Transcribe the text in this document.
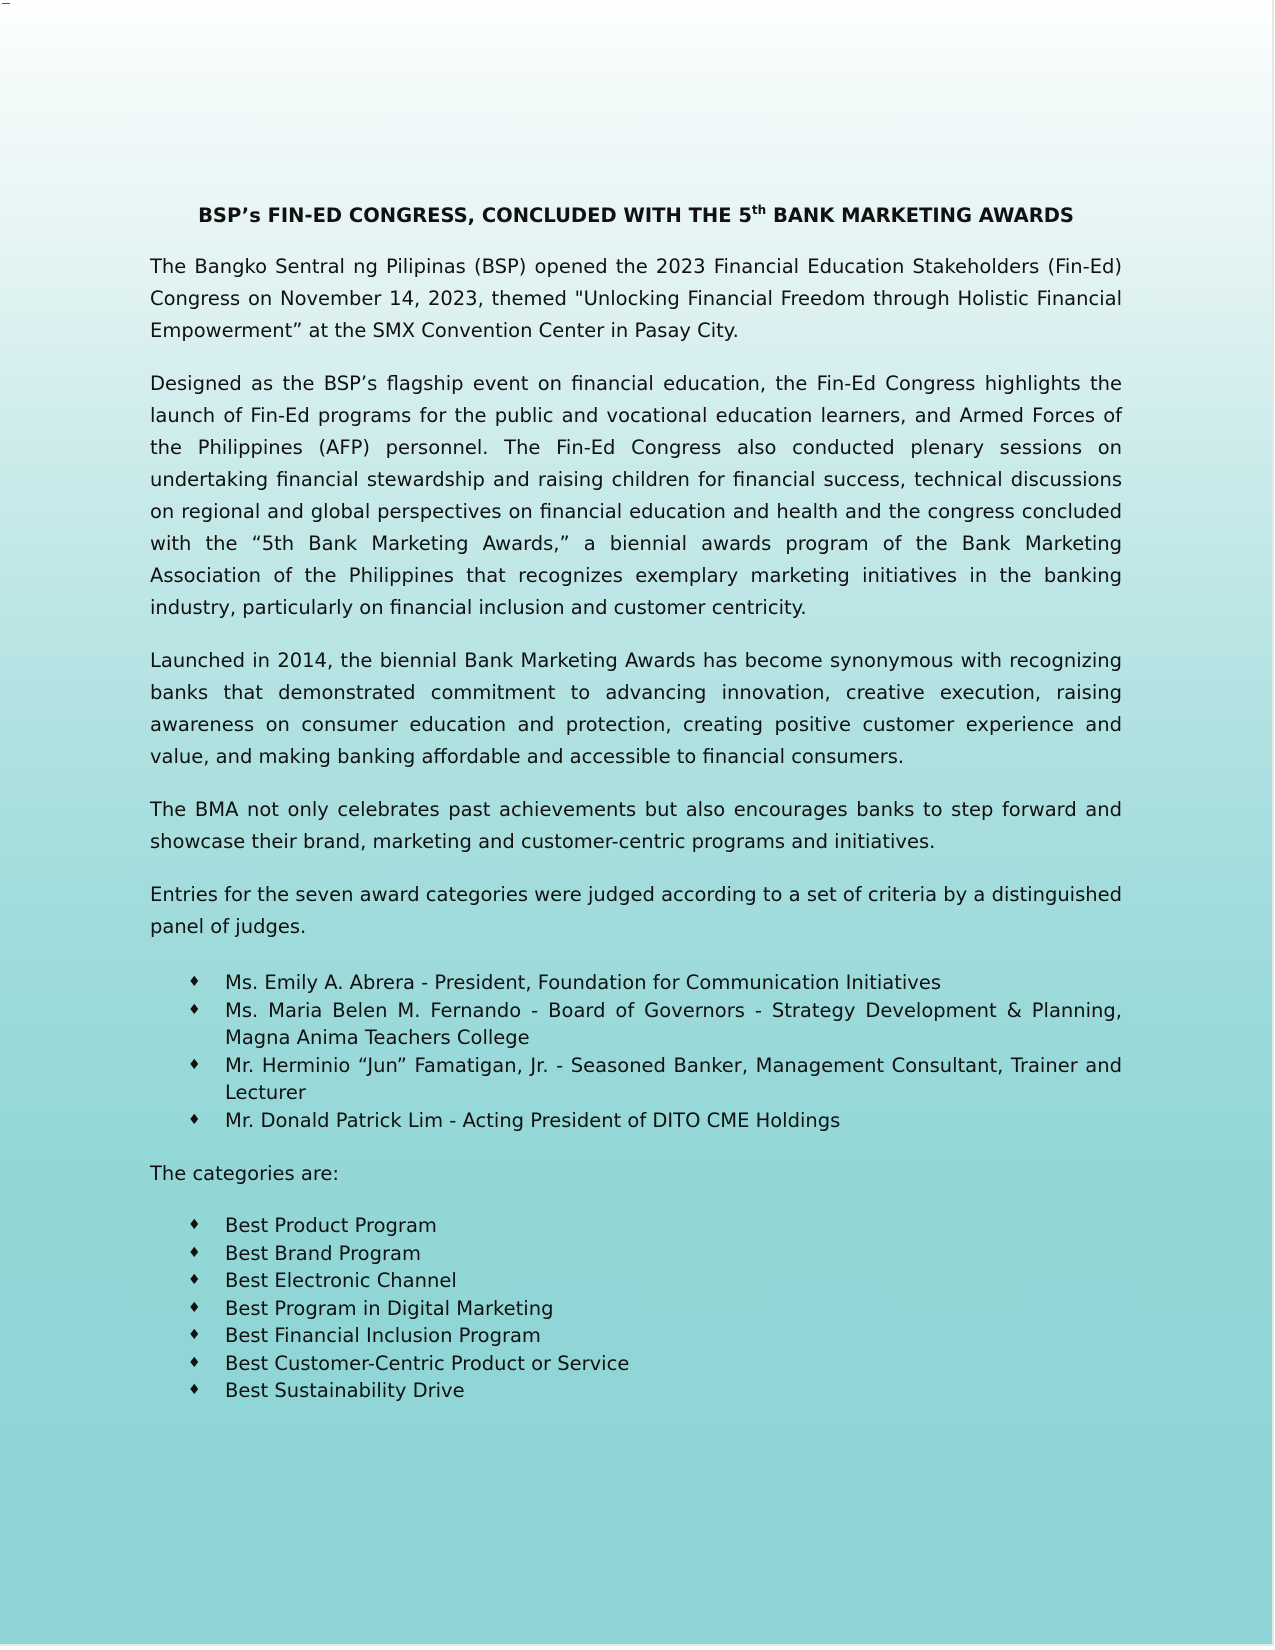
BSP’s FIN-ED CONGRESS, CONCLUDED WITH THE 5th BANK MARKETING AWARDS

The Bangko Sentral ng Pilipinas (BSP) opened the 2023 Financial Education Stakeholders (Fin-Ed) Congress on November 14, 2023, themed "Unlocking Financial Freedom through Holistic Financial Empowerment” at the SMX Convention Center in Pasay City.

Designed as the BSP’s flagship event on financial education, the Fin-Ed Congress highlights the launch of Fin-Ed programs for the public and vocational education learners, and Armed Forces of the Philippines (AFP) personnel. The Fin-Ed Congress also conducted plenary sessions on undertaking financial stewardship and raising children for financial success, technical discussions on regional and global perspectives on financial education and health and the congress concluded with the “5th Bank Marketing Awards,” a biennial awards program of the Bank Marketing Association of the Philippines that recognizes exemplary marketing initiatives in the banking industry, particularly on financial inclusion and customer centricity.

Launched in 2014, the biennial Bank Marketing Awards has become synonymous with recognizing banks that demonstrated commitment to advancing innovation, creative execution, raising awareness on consumer education and protection, creating positive customer experience and value, and making banking affordable and accessible to financial consumers.

The BMA not only celebrates past achievements but also encourages banks to step forward and showcase their brand, marketing and customer-centric programs and initiatives.

Entries for the seven award categories were judged according to a set of criteria by a distinguished panel of judges.

♦ Ms. Emily A. Abrera - President, Foundation for Communication Initiatives
♦ Ms. Maria Belen M. Fernando - Board of Governors - Strategy Development & Planning, Magna Anima Teachers College
♦ Mr. Herminio “Jun” Famatigan, Jr. - Seasoned Banker, Management Consultant, Trainer and Lecturer
♦ Mr. Donald Patrick Lim - Acting President of DITO CME Holdings

The categories are:

♦ Best Product Program
♦ Best Brand Program
♦ Best Electronic Channel
♦ Best Program in Digital Marketing
♦ Best Financial Inclusion Program
♦ Best Customer-Centric Product or Service
♦ Best Sustainability Drive
